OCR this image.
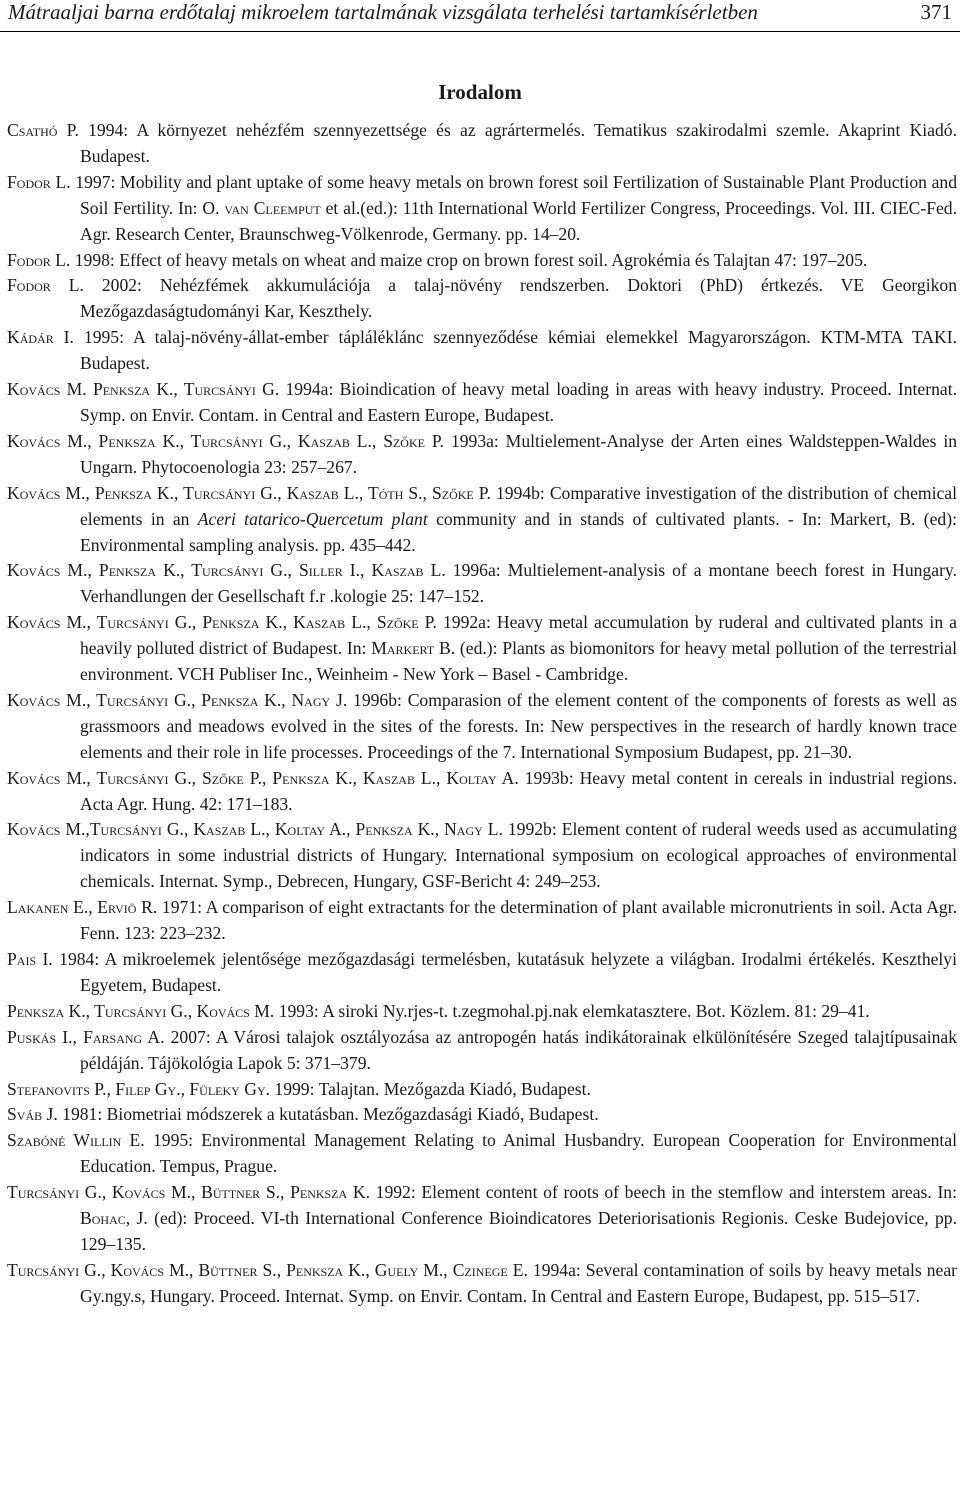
Mátraaljai barna erdőtalaj mikroelem tartalmának vizsgálata terhelési tartamkísérletben	371
Irodalom

Csathó P. 1994: A környezet nehézfém szennyezettsége és az agrártermelés. Tematikus szakirodalmi szemle. Akaprint Kiadó. Budapest.

Fodor L. 1997: Mobility and plant uptake of some heavy metals on brown forest soil Fertilization of Sustainable Plant Production and Soil Fertility. In: O. van Cleemput et al.(ed.): 11th International World Fertilizer Congress, Proceedings. Vol. III. CIEC-Fed. Agr. Research Center, Braunschweg-Völkenrode, Germany. pp. 14–20.

Fodor L. 1998: Effect of heavy metals on wheat and maize crop on brown forest soil. Agrokémia és Talajtan 47: 197–205.

Fodor L. 2002: Nehézfémek akkumulációja a talaj-növény rendszerben. Doktori (PhD) értkezés. VE Georgikon Mezőgazdaságtudományi Kar, Keszthely.

Kádár I. 1995: A talaj-növény-állat-ember tápláléklánc szennyeződése kémiai elemekkel Magyarországon. KTM-MTA TAKI. Budapest.

Kovács M. Penksza K., Turcsányi G. 1994a: Bioindication of heavy metal loading in areas with heavy industry. Proceed. Internat. Symp. on Envir. Contam. in Central and Eastern Europe, Budapest.

Kovács M., Penksza K., Turcsányi G., Kaszab L., Szőke P. 1993a: Multielement-Analyse der Arten eines Waldsteppen-Waldes in Ungarn. Phytocoenologia 23: 257–267.

Kovács M., Penksza K., Turcsányi G., Kaszab L., Tóth S., Szőke P. 1994b: Comparative investigation of the distribution of chemical elements in an Aceri tatarico-Quercetum plant community and in stands of cultivated plants. - In: Markert, B. (ed): Environmental sampling analysis. pp. 435–442.

Kovács M., Penksza K., Turcsányi G., Siller I., Kaszab L. 1996a: Multielement-analysis of a montane beech forest in Hungary. Verhandlungen der Gesellschaft f.r .kologie 25: 147–152.

Kovács M., Turcsányi G., Penksza K., Kaszab L., Szőke P. 1992a: Heavy metal accumulation by ruderal and cultivated plants in a heavily polluted district of Budapest. In: Markert B. (ed.): Plants as biomonitors for heavy metal pollution of the terrestrial environment. VCH Publiser Inc., Weinheim - New York – Basel - Cambridge.

Kovács M., Turcsányi G., Penksza K., Nagy J. 1996b: Comparasion of the element content of the components of forests as well as grassmoors and meadows evolved in the sites of the forests. In: New perspectives in the research of hardly known trace elements and their role in life processes. Proceedings of the 7. International Symposium Budapest, pp. 21–30.

Kovács M., Turcsányi G., Szőke P., Penksza K., Kaszab L., Koltay A. 1993b: Heavy metal content in cereals in industrial regions. Acta Agr. Hung. 42: 171–183.

Kovács M.,Turcsányi G., Kaszab L., Koltay A., Penksza K., Nagy L. 1992b: Element content of ruderal weeds used as accumulating indicators in some industrial districts of Hungary. International symposium on ecological approaches of environmental chemicals. Internat. Symp., Debrecen, Hungary, GSF-Bericht 4: 249–253.

Lakanen E., Erviö R. 1971: A comparison of eight extractants for the determination of plant available micronutrients in soil. Acta Agr. Fenn. 123: 223–232.

Pais I. 1984: A mikroelemek jelentősége mezőgazdasági termelésben, kutatásuk helyzete a világban. Irodalmi értékelés. Keszthelyi Egyetem, Budapest.

Penksza K., Turcsányi G., Kovács M. 1993: A siroki Ny.rjes-t. t.zegmohal.pj.nak elemkataszterе. Bot. Közlem. 81: 29–41.

Puskás I., Farsang A. 2007: A Városi talajok osztályozása az antropogén hatás indikátorainak elkülönítésére Szeged talajtípusainak példáján. Tájökológia Lapok 5: 371–379.

Stefanovits P., Filep Gy., Füleky Gy. 1999: Talajtan. Mezőgazda Kiadó, Budapest.

Sváb J. 1981: Biometriai módszerek a kutatásban. Mezőgazdasági Kiadó, Budapest.

Szabóné Willin E. 1995: Environmental Management Relating to Animal Husbandry. European Cooperation for Environmental Education. Tempus, Prague.

Turcsányi G., Kovács M., Büttner S., Penksza K. 1992: Element content of roots of beech in the stemflow and interstem areas. In: Bohac, J. (ed): Proceed. VI-th International Conference Bioindicatores Deteriorisationis Regionis. Ceske Budejovice, pp. 129–135.

Turcsányi G., Kovács M., Büttner S., Penksza K., Guely M., Czinege E. 1994a: Several contamination of soils by heavy metals near Gy.ngy.s, Hungary. Proceed. Internat. Symp. on Envir. Contam. In Central and Eastern Europe, Budapest, pp. 515–517.
